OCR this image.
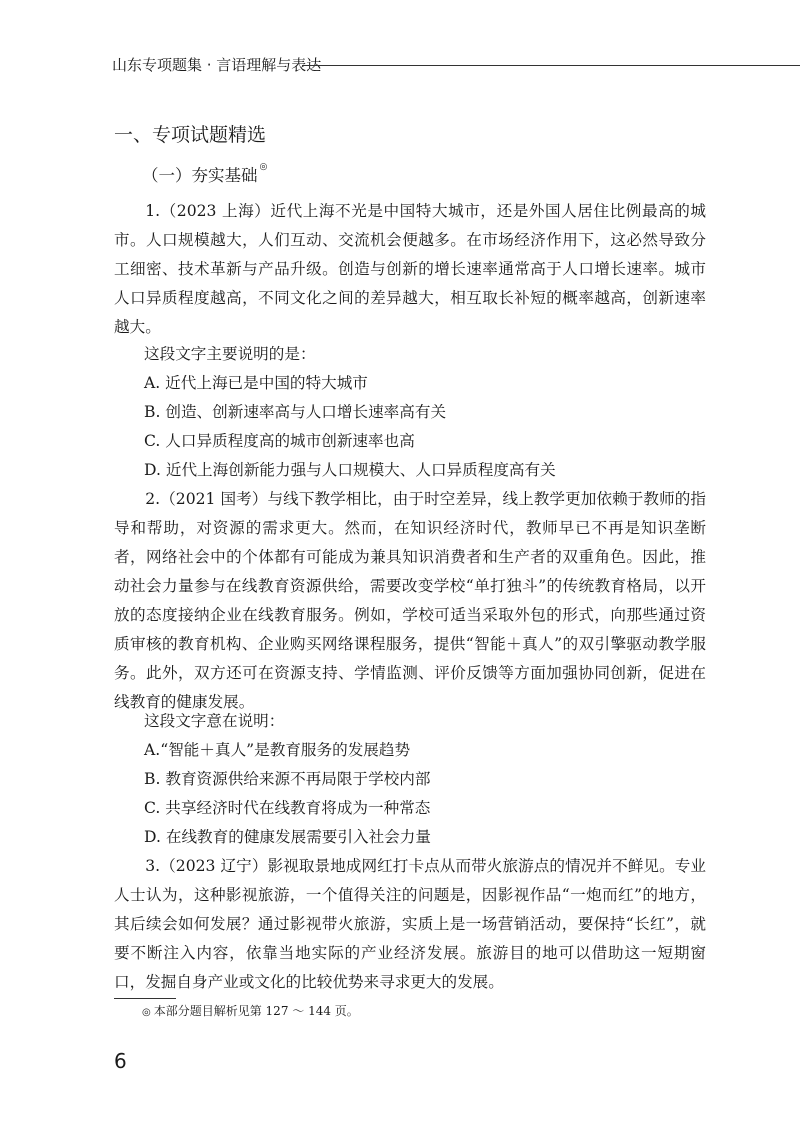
山东专项题集 · 言语理解与表达
一、专项试题精选
（一）夯实基础 ◎

1.（2023 上海）近代上海不光是中国特大城市，还是外国人居住比例最高的城市。人口规模越大，人们互动、交流机会便越多。在市场经济作用下，这必然导致分工细密、技术革新与产品升级。创造与创新的增长速率通常高于人口增长速率。城市人口异质程度越高，不同文化之间的差异越大，相互取长补短的概率越高，创新速率越大。

这段文字主要说明的是：
A. 近代上海已是中国的特大城市
B. 创造、创新速率高与人口增长速率高有关
C. 人口异质程度高的城市创新速率也高
D. 近代上海创新能力强与人口规模大、人口异质程度高有关

2.（2021 国考）与线下教学相比，由于时空差异，线上教学更加依赖于教师的指导和帮助，对资源的需求更大。然而，在知识经济时代，教师早已不再是知识垄断者，网络社会中的个体都有可能成为兼具知识消费者和生产者的双重角色。因此，推动社会力量参与在线教育资源供给，需要改变学校“单打独斗”的传统教育格局，以开放的态度接纳企业在线教育服务。例如，学校可适当采取外包的形式，向那些通过资质审核的教育机构、企业购买网络课程服务，提供“智能＋真人”的双引擎驱动教学服务。此外，双方还可在资源支持、学情监测、评价反馈等方面加强协同创新，促进在线教育的健康发展。

这段文字意在说明：
A.“智能＋真人”是教育服务的发展趋势
B. 教育资源供给来源不再局限于学校内部
C. 共享经济时代在线教育将成为一种常态
D. 在线教育的健康发展需要引入社会力量

3.（2023 辽宁）影视取景地成网红打卡点从而带火旅游点的情况并不鲜见。专业人士认为，这种影视旅游，一个值得关注的问题是，因影视作品“一炮而红”的地方，其后续会如何发展？通过影视带火旅游，实质上是一场营销活动，要保持“长红”，就要不断注入内容，依靠当地实际的产业经济发展。旅游目的地可以借助这一短期窗口，发掘自身产业或文化的比较优势来寻求更大的发展。

◎ 本部分题目解析见第 127 ～ 144 页。
6
